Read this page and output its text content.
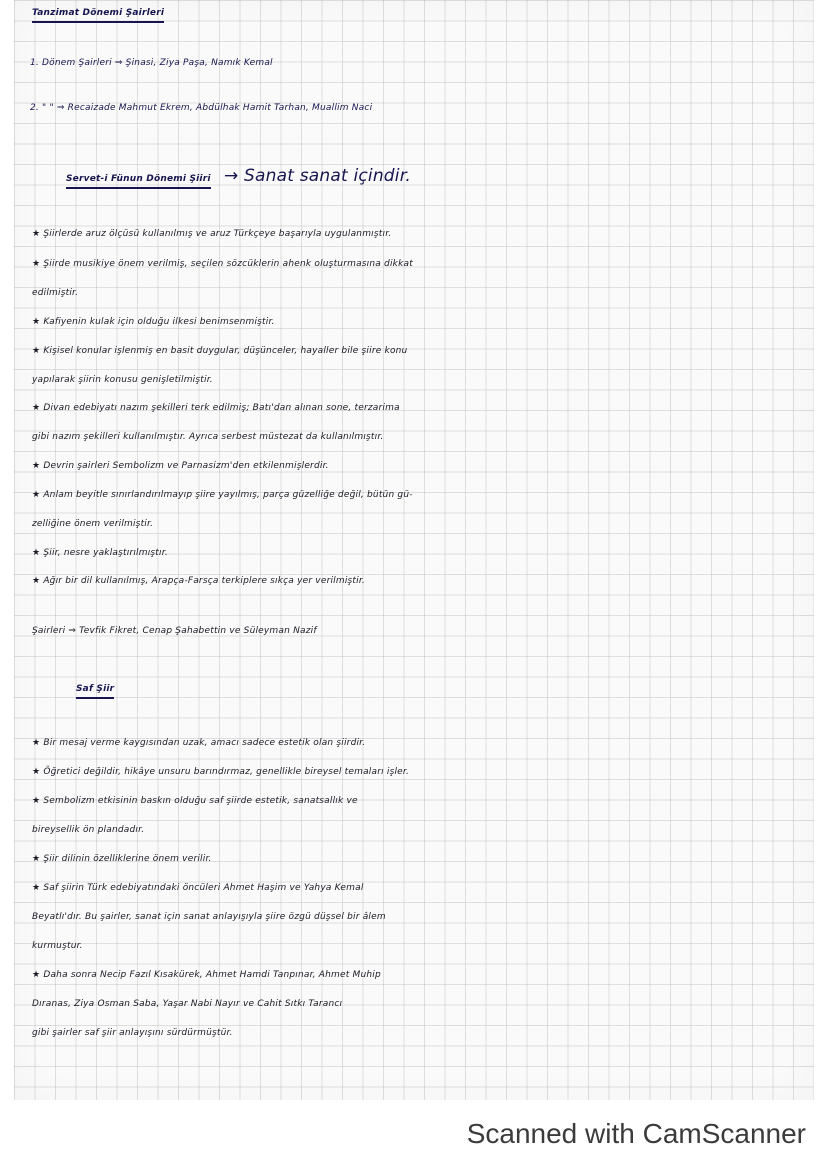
Tanzimat Dönemi Şairleri
1. Dönem Şairleri ⇒ Şinasi, Ziya Paşa, Namık Kemal
2. " " ⇒ Recaizade Mahmut Ekrem, Abdülhak Hamit Tarhan, Muallim Naci
Servet-i Fünun Dönemi Şiiri → Sanat sanat içindir.
★ Şiirlerde aruz ölçüsü kullanılmış ve aruz Türkçeye başarıyla uygulanmıştır.
★ Şiirde musikiye önem verilmiş, seçilen sözcüklerin ahenk oluşturmasına dikkat
edilmiştir.
★ Kafiyenin kulak için olduğu ilkesi benimsenmiştir.
★ Kişisel konular işlenmiş en basit duygular, düşünceler, hayaller bile şiire konu
yapılarak şiirin konusu genişletilmiştir.
★ Divan edebiyatı nazım şekilleri terk edilmiş; Batı'dan alınan sone, terzarima
gibi nazım şekilleri kullanılmıştır. Ayrıca serbest müstezat da kullanılmıştır.
★ Devrin şairleri Sembolizm ve Parnasizm'den etkilenmişlerdir.
★ Anlam beyitle sınırlandırılmayıp şiire yayılmış, parça güzelliğe değil, bütün gü-
zelliğine önem verilmiştir.
★ Şiir, nesre yaklaştırılmıştır.
★ Ağır bir dil kullanılmış, Arapça-Farsça terkiplere sıkça yer verilmiştir.
Şairleri ⇒ Tevfik Fikret, Cenap Şahabettin ve Süleyman Nazif
Saf Şiir
★ Bir mesaj verme kaygısından uzak, amacı sadece estetik olan şiirdir.
★ Öğretici değildir, hikâye unsuru barındırmaz, genellikle bireysel temaları işler.
★ Sembolizm etkisinin baskın olduğu saf şiirde estetik, sanatsallık ve
bireysellik ön plandadır.
★ Şiir dilinin özelliklerine önem verilir.
★ Saf şiirin Türk edebiyatındaki öncüleri Ahmet Haşim ve Yahya Kemal
Beyatlı'dır. Bu şairler, sanat için sanat anlayışıyla şiire özgü düşsel bir âlem
kurmuştur.
★ Daha sonra Necip Fazıl Kısakürek, Ahmet Hamdi Tanpınar, Ahmet Muhip
Dıranas, Ziya Osman Saba, Yaşar Nabi Nayır ve Cahit Sıtkı Tarancı
gibi şairler saf şiir anlayışını sürdürmüştür.
Scanned with CamScanner
